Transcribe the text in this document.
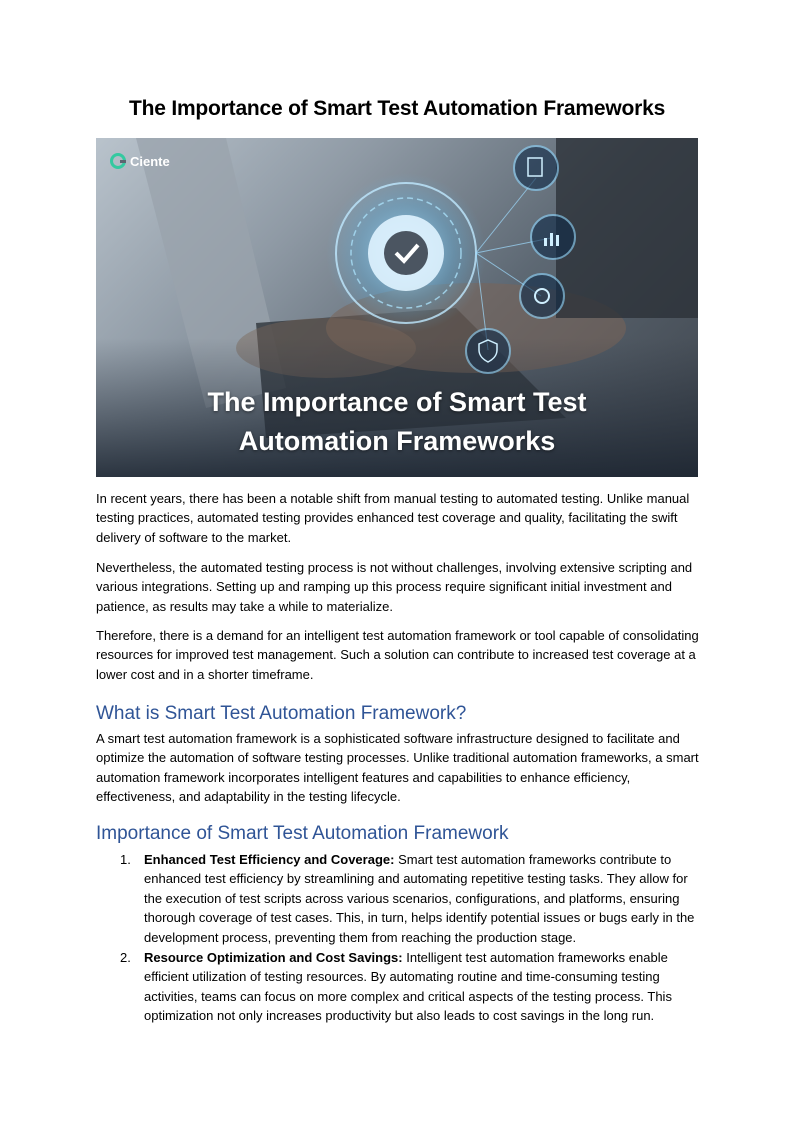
The Importance of Smart Test Automation Frameworks
Ciente
The Importance of Smart Test
Automation Frameworks

In recent years, there has been a notable shift from manual testing to automated testing. Unlike manual testing practices, automated testing provides enhanced test coverage and quality, facilitating the swift delivery of software to the market.

Nevertheless, the automated testing process is not without challenges, involving extensive scripting and various integrations. Setting up and ramping up this process require significant initial investment and patience, as results may take a while to materialize.

Therefore, there is a demand for an intelligent test automation framework or tool capable of consolidating resources for improved test management. Such a solution can contribute to increased test coverage at a lower cost and in a shorter timeframe.

What is Smart Test Automation Framework?

A smart test automation framework is a sophisticated software infrastructure designed to facilitate and optimize the automation of software testing processes. Unlike traditional automation frameworks, a smart automation framework incorporates intelligent features and capabilities to enhance efficiency, effectiveness, and adaptability in the testing lifecycle.

Importance of Smart Test Automation Framework
1. Enhanced Test Efficiency and Coverage: Smart test automation frameworks contribute to enhanced test efficiency by streamlining and automating repetitive testing tasks. They allow for the execution of test scripts across various scenarios, configurations, and platforms, ensuring thorough coverage of test cases. This, in turn, helps identify potential issues or bugs early in the development process, preventing them from reaching the production stage.
2. Resource Optimization and Cost Savings: Intelligent test automation frameworks enable efficient utilization of testing resources. By automating routine and time-consuming testing activities, teams can focus on more complex and critical aspects of the testing process. This optimization not only increases productivity but also leads to cost savings in the long run.
